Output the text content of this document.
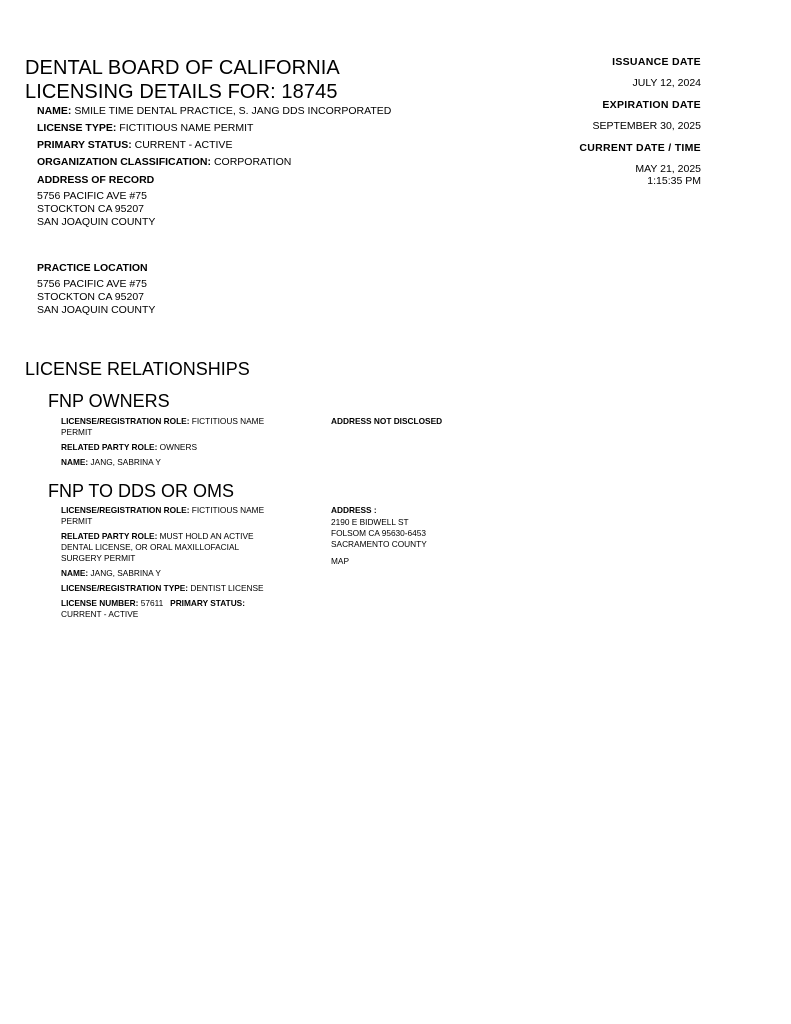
DENTAL BOARD OF CALIFORNIA
LICENSING DETAILS FOR: 18745
NAME: SMILE TIME DENTAL PRACTICE, S. JANG DDS INCORPORATED
LICENSE TYPE: FICTITIOUS NAME PERMIT
PRIMARY STATUS: CURRENT - ACTIVE
ORGANIZATION CLASSIFICATION: CORPORATION
ADDRESS OF RECORD
5756 PACIFIC AVE #75
STOCKTON CA 95207
SAN JOAQUIN COUNTY
PRACTICE LOCATION
5756 PACIFIC AVE #75
STOCKTON CA 95207
SAN JOAQUIN COUNTY
ISSUANCE DATE
JULY 12, 2024
EXPIRATION DATE
SEPTEMBER 30, 2025
CURRENT DATE / TIME
MAY 21, 2025
1:15:35 PM
LICENSE RELATIONSHIPS
FNP OWNERS
LICENSE/REGISTRATION ROLE: FICTITIOUS NAME
PERMIT
RELATED PARTY ROLE: OWNERS
NAME: JANG, SABRINA Y
ADDRESS NOT DISCLOSED
FNP TO DDS OR OMS
LICENSE/REGISTRATION ROLE: FICTITIOUS NAME
PERMIT
RELATED PARTY ROLE: MUST HOLD AN ACTIVE
DENTAL LICENSE, OR ORAL MAXILLOFACIAL
SURGERY PERMIT
NAME: JANG, SABRINA Y
LICENSE/REGISTRATION TYPE: DENTIST LICENSE
LICENSE NUMBER: 57611 PRIMARY STATUS:
CURRENT - ACTIVE
ADDRESS :
2190 E BIDWELL ST
FOLSOM CA 95630-6453
SACRAMENTO COUNTY
MAP
